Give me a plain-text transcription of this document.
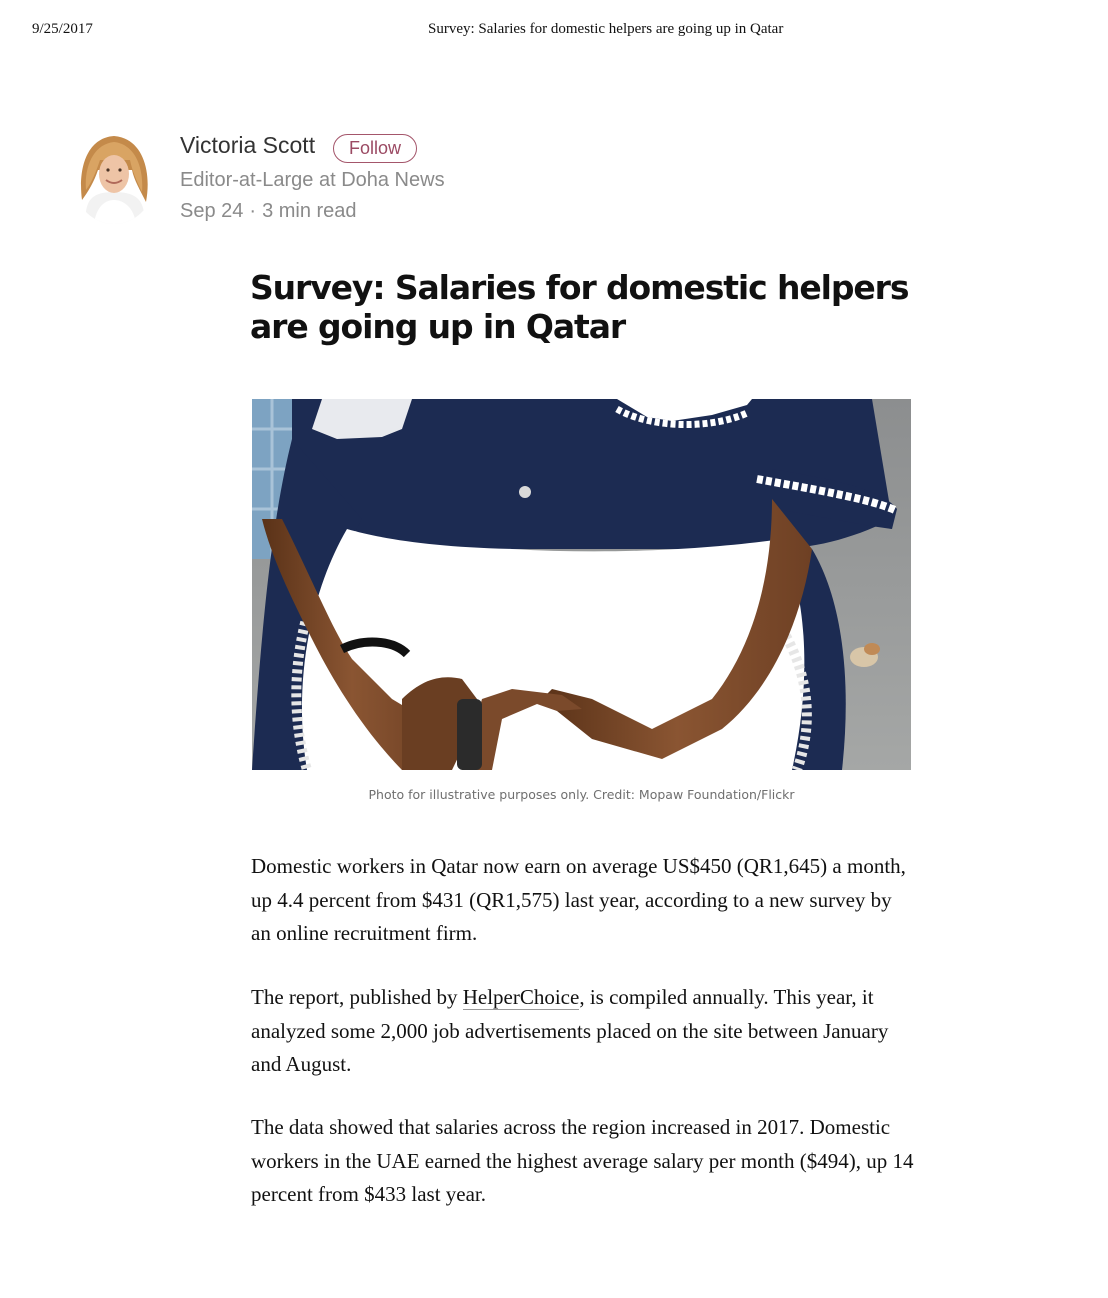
9/25/2017	Survey: Salaries for domestic helpers are going up in Qatar
Victoria Scott	Follow
Editor-at-Large at Doha News
Sep 24 · 3 min read
Survey: Salaries for domestic helpers are going up in Qatar
Photo for illustrative purposes only. Credit: Mopaw Foundation/Flickr

Domestic workers in Qatar now earn on average US$450 (QR1,645) a month, up 4.4 percent from $431 (QR1,575) last year, according to a new survey by an online recruitment firm.

The report, published by HelperChoice, is compiled annually. This year, it analyzed some 2,000 job advertisements placed on the site between January and August.

The data showed that salaries across the region increased in 2017. Domestic workers in the UAE earned the highest average salary per month ($494), up 14 percent from $433 last year.
